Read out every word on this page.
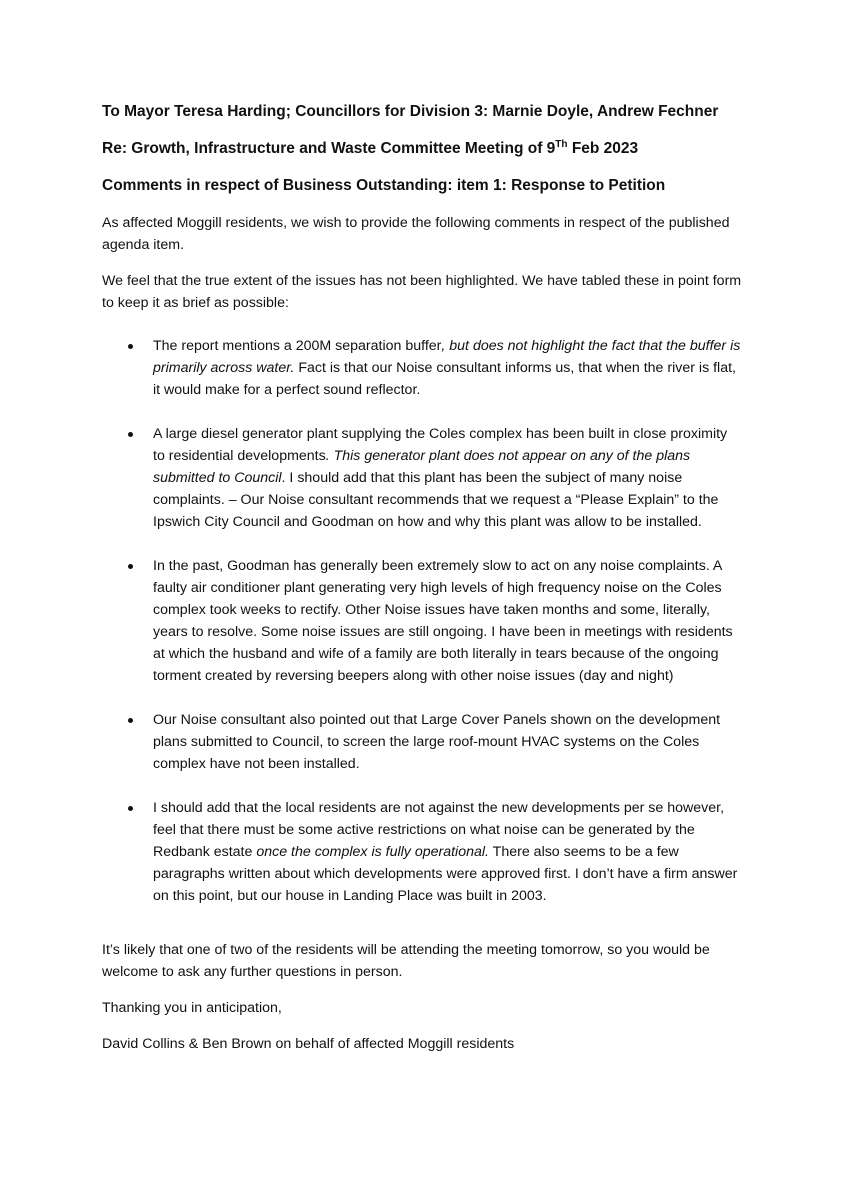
To Mayor Teresa Harding; Councillors for Division 3: Marnie Doyle, Andrew Fechner

Re: Growth, Infrastructure and Waste Committee Meeting of 9Th Feb 2023

Comments in respect of Business Outstanding: item 1: Response to Petition

As affected Moggill residents, we wish to provide the following comments in respect of the published agenda item.

We feel that the true extent of the issues has not been highlighted. We have tabled these in point form to keep it as brief as possible:

The report mentions a 200M separation buffer, but does not highlight the fact that the buffer is primarily across water. Fact is that our Noise consultant informs us, that when the river is flat, it would make for a perfect sound reflector.
A large diesel generator plant supplying the Coles complex has been built in close proximity to residential developments. This generator plant does not appear on any of the plans submitted to Council. I should add that this plant has been the subject of many noise complaints. – Our Noise consultant recommends that we request a “Please Explain” to the Ipswich City Council and Goodman on how and why this plant was allow to be installed.
In the past, Goodman has generally been extremely slow to act on any noise complaints. A faulty air conditioner plant generating very high levels of high frequency noise on the Coles complex took weeks to rectify. Other Noise issues have taken months and some, literally, years to resolve. Some noise issues are still ongoing. I have been in meetings with residents at which the husband and wife of a family are both literally in tears because of the ongoing torment created by reversing beepers along with other noise issues (day and night)
Our Noise consultant also pointed out that Large Cover Panels shown on the development plans submitted to Council, to screen the large roof-mount HVAC systems on the Coles complex have not been installed.
I should add that the local residents are not against the new developments per se however, feel that there must be some active restrictions on what noise can be generated by the Redbank estate once the complex is fully operational. There also seems to be a few paragraphs written about which developments were approved first. I don’t have a firm answer on this point, but our house in Landing Place was built in 2003.

It’s likely that one of two of the residents will be attending the meeting tomorrow, so you would be welcome to ask any further questions in person.

Thanking you in anticipation,

David Collins & Ben Brown on behalf of affected Moggill residents
